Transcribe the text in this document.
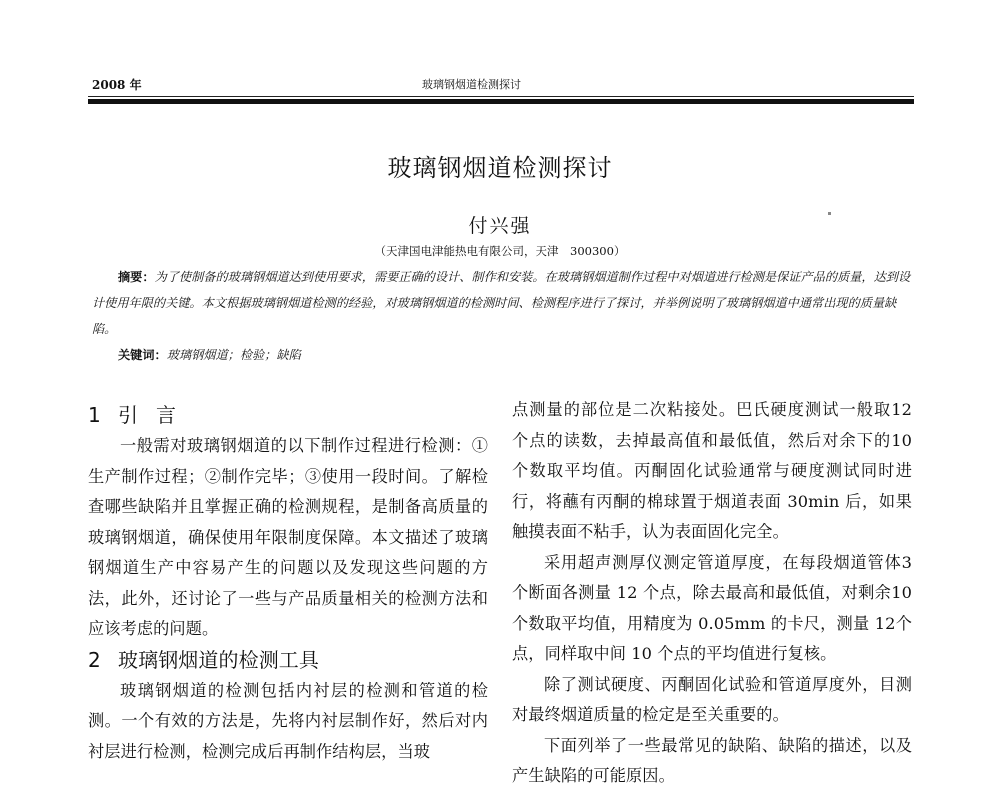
2008 年	玻璃钢烟道检测探讨
玻璃钢烟道检测探讨
付兴强
（天津国电津能热电有限公司，天津　300300）

摘要：为了使制备的玻璃钢烟道达到使用要求，需要正确的设计、制作和安装。在玻璃钢烟道制作过程中对烟道进行检测是保证产品的质量，达到设计使用年限的关键。本文根据玻璃钢烟道检测的经验，对玻璃钢烟道的检测时间、检测程序进行了探讨，并举例说明了玻璃钢烟道中通常出现的质量缺陷。

关键词：玻璃钢烟道；检验；缺陷

1 引言

一般需对玻璃钢烟道的以下制作过程进行检测：①生产制作过程；②制作完毕；③使用一段时间。了解检查哪些缺陷并且掌握正确的检测规程，是制备高质量的玻璃钢烟道，确保使用年限制度保障。本文描述了玻璃钢烟道生产中容易产生的问题以及发现这些问题的方法，此外，还讨论了一些与产品质量相关的检测方法和应该考虑的问题。

2 玻璃钢烟道的检测工具

玻璃钢烟道的检测包括内衬层的检测和管道的检测。一个有效的方法是，先将内衬层制作好，然后对内衬层进行检测，检测完成后再制作结构层，当玻

点测量的部位是二次粘接处。巴氏硬度测试一般取12 个点的读数，去掉最高值和最低值，然后对余下的10 个数取平均值。丙酮固化试验通常与硬度测试同时进行，将蘸有丙酮的棉球置于烟道表面 30min 后，如果触摸表面不粘手，认为表面固化完全。

采用超声测厚仪测定管道厚度，在每段烟道管体3 个断面各测量 12 个点，除去最高和最低值，对剩余10 个数取平均值，用精度为 0.05mm 的卡尺，测量 12个点，同样取中间 10 个点的平均值进行复核。

除了测试硬度、丙酮固化试验和管道厚度外，目测对最终烟道质量的检定是至关重要的。

下面列举了一些最常见的缺陷、缺陷的描述，以及产生缺陷的可能原因。
